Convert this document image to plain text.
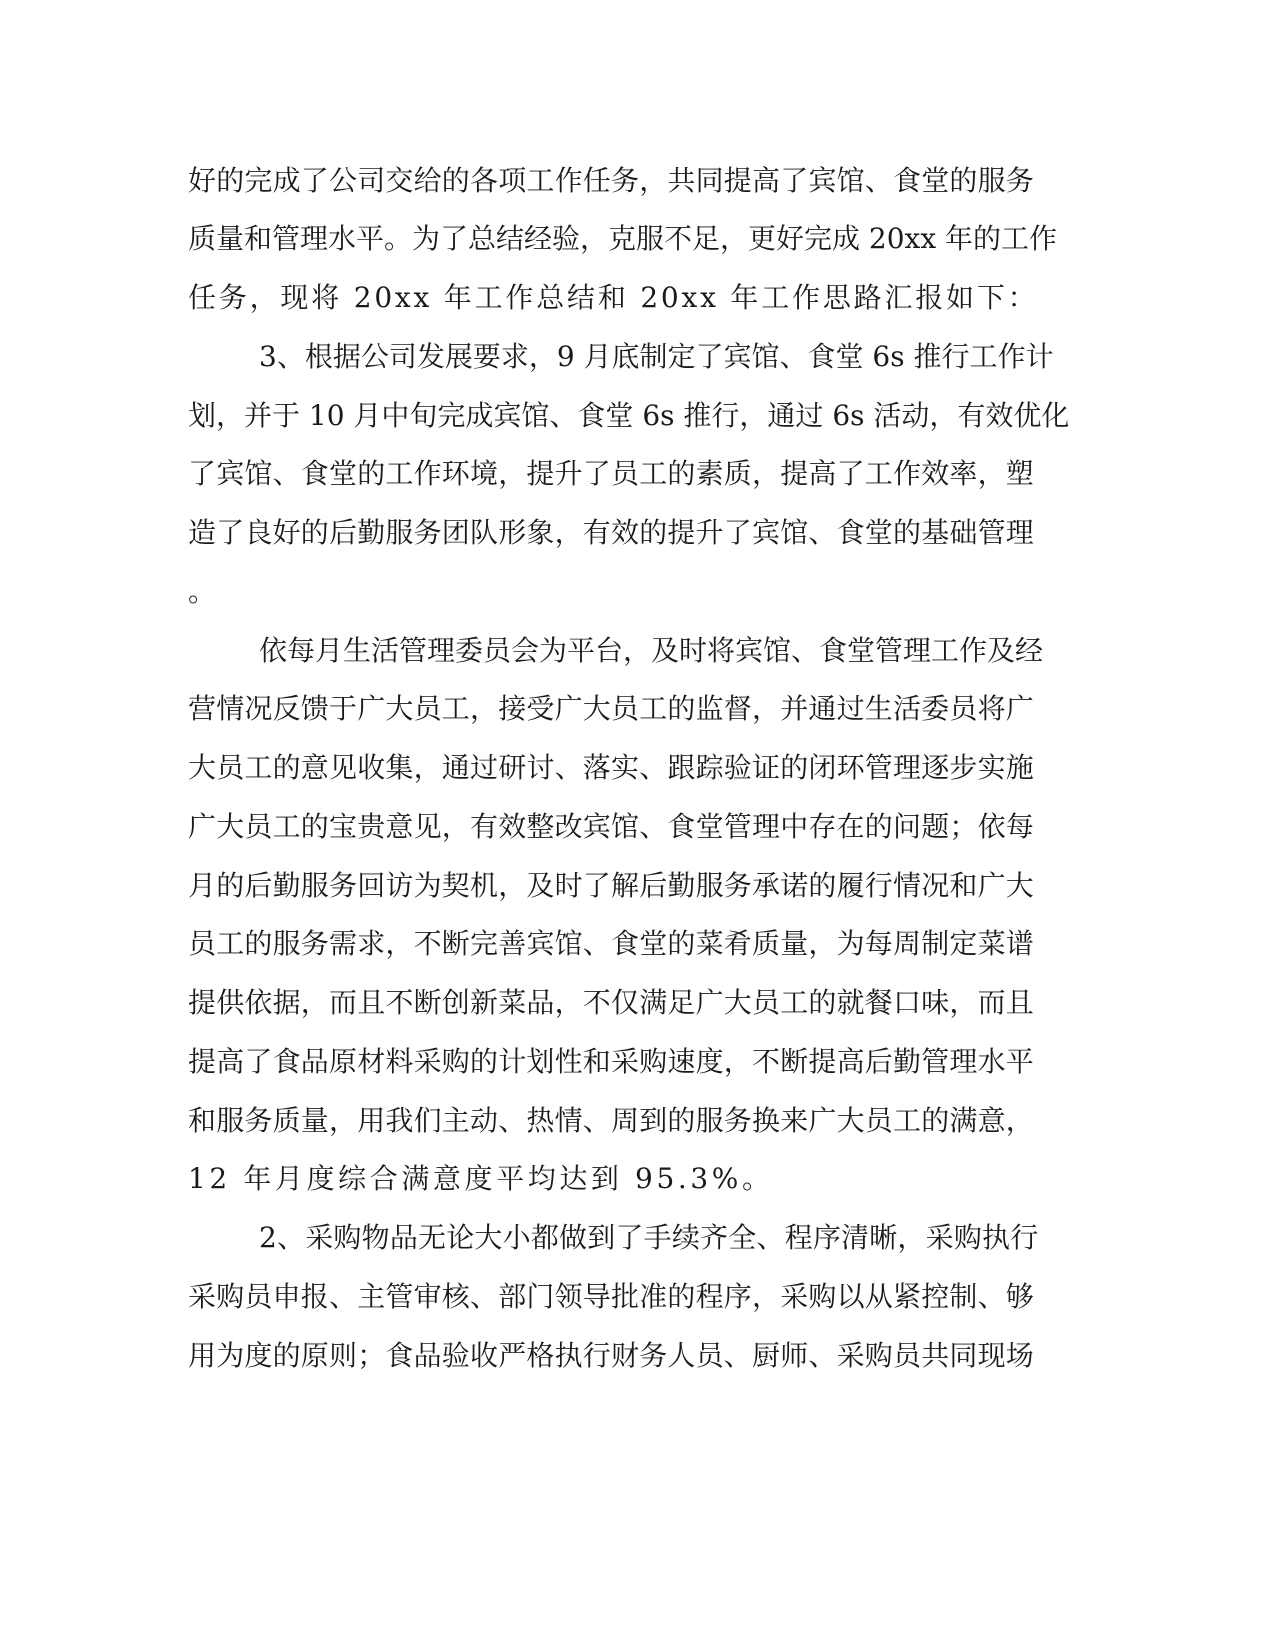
好的完成了公司交给的各项工作任务，共同提高了宾馆、食堂的服务
质量和管理水平。为了总结经验，克服不足，更好完成 20xx 年的工作
任务，现将 20xx 年工作总结和 20xx 年工作思路汇报如下：
3、根据公司发展要求，9 月底制定了宾馆、食堂 6s 推行工作计
划，并于 10 月中旬完成宾馆、食堂 6s 推行，通过 6s 活动，有效优化
了宾馆、食堂的工作环境，提升了员工的素质，提高了工作效率，塑
造了良好的后勤服务团队形象，有效的提升了宾馆、食堂的基础管理
。
依每月生活管理委员会为平台，及时将宾馆、食堂管理工作及经
营情况反馈于广大员工，接受广大员工的监督，并通过生活委员将广
大员工的意见收集，通过研讨、落实、跟踪验证的闭环管理逐步实施
广大员工的宝贵意见，有效整改宾馆、食堂管理中存在的问题；依每
月的后勤服务回访为契机，及时了解后勤服务承诺的履行情况和广大
员工的服务需求，不断完善宾馆、食堂的菜肴质量，为每周制定菜谱
提供依据，而且不断创新菜品，不仅满足广大员工的就餐口味，而且
提高了食品原材料采购的计划性和采购速度，不断提高后勤管理水平
和服务质量，用我们主动、热情、周到的服务换来广大员工的满意，
12 年月度综合满意度平均达到 95.3%。
2、采购物品无论大小都做到了手续齐全、程序清晰，采购执行
采购员申报、主管审核、部门领导批准的程序，采购以从紧控制、够
用为度的原则；食品验收严格执行财务人员、厨师、采购员共同现场
